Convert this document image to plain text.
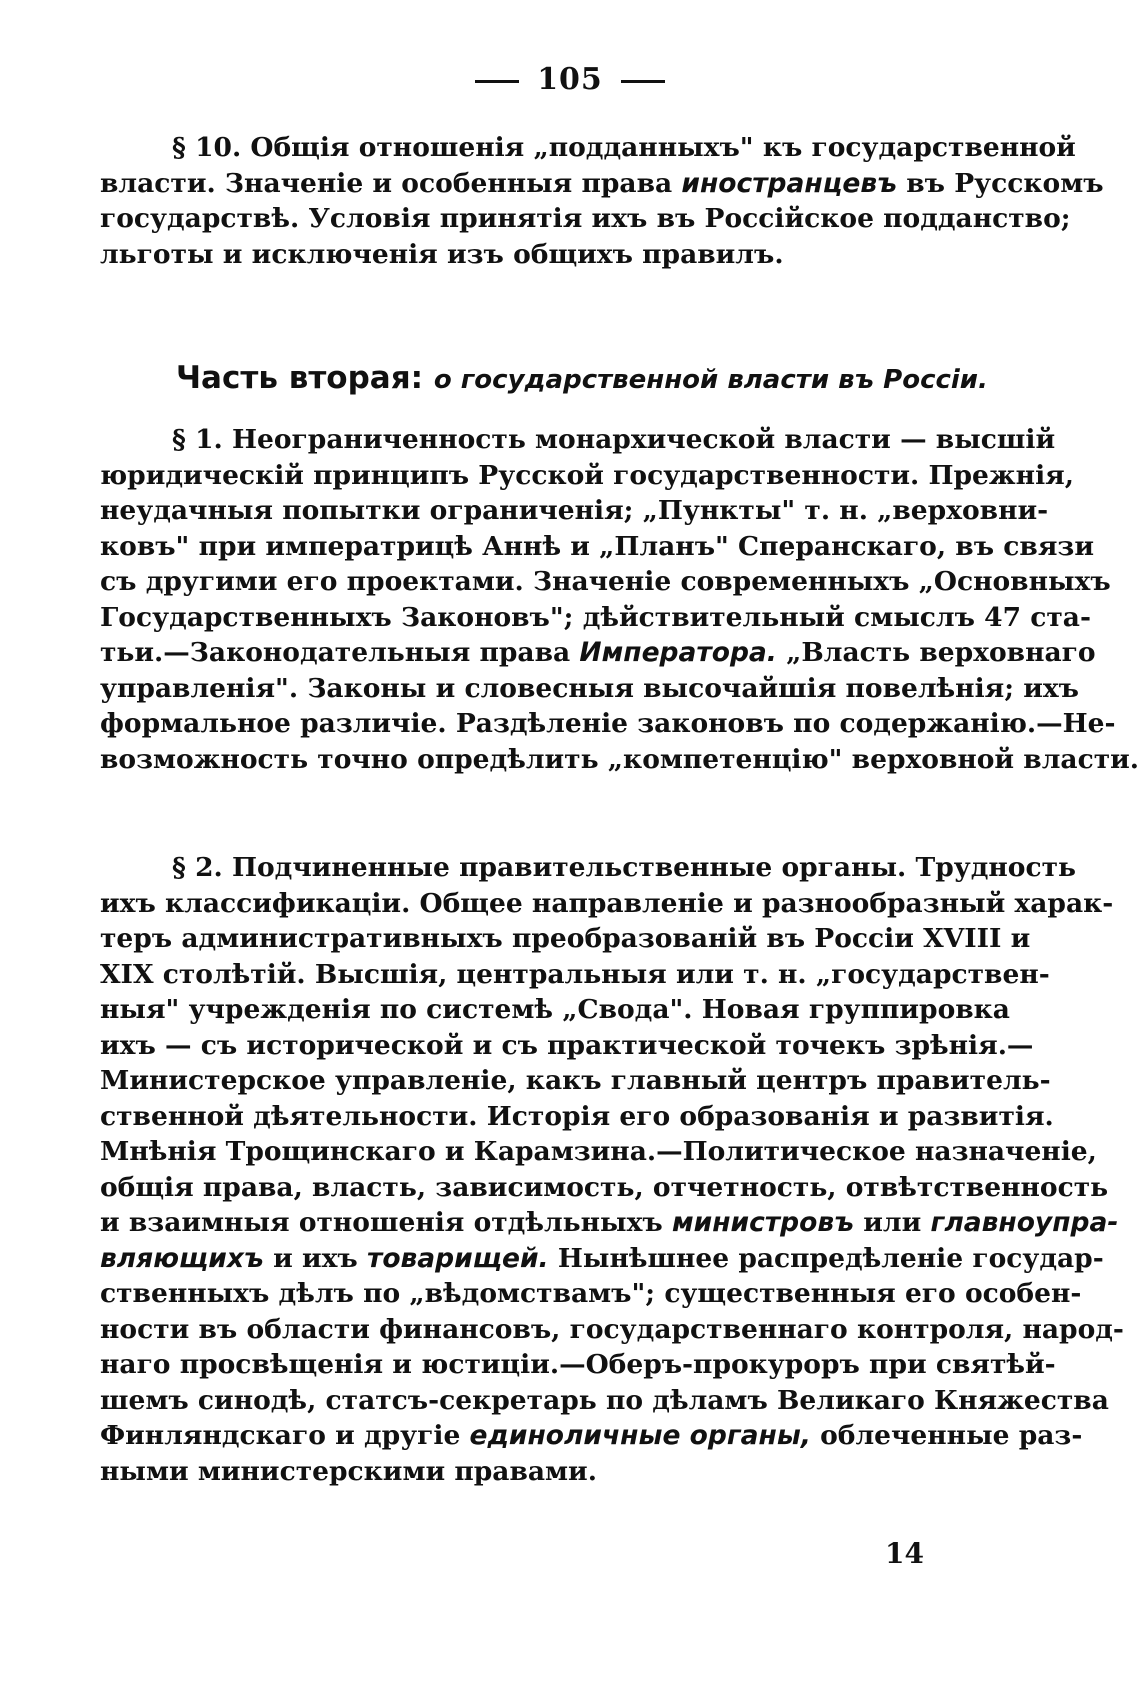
105
§ 10. Общія отношенія „подданныхъ" къ государственной
власти. Значеніе и особенныя права иностранцевъ въ Русскомъ
государствѣ. Условія принятія ихъ въ Россійское подданство;
льготы и исключенія изъ общихъ правилъ.
Часть вторая: о государственной власти въ Россіи.
§ 1. Неограниченность монархической власти — высшій
юридическій принципъ Русской государственности. Прежнія,
неудачныя попытки ограниченія; „Пункты" т. н. „верховни-
ковъ" при императрицѣ Аннѣ и „Планъ" Сперанскаго, въ связи
съ другими его проектами. Значеніе современныхъ „Основныхъ
Государственныхъ Законовъ"; дѣйствительный смыслъ 47 ста-
тьи.—Законодательныя права Императора. „Власть верховнаго
управленія". Законы и словесныя высочайшія повелѣнія; ихъ
формальное различіе. Раздѣленіе законовъ по содержанію.—Не-
возможность точно опредѣлить „компетенцію" верховной власти.
§ 2. Подчиненные правительственные органы. Трудность
ихъ классификаціи. Общее направленіе и разнообразный харак-
теръ административныхъ преобразованій въ Россіи XVIII и
XIX столѣтій. Высшія, центральныя или т. н. „государствен-
ныя" учрежденія по системѣ „Свода". Новая группировка
ихъ — съ исторической и съ практической точекъ зрѣнія.—
Министерское управленіе, какъ главный центръ правитель-
ственной дѣятельности. Исторія его образованія и развитія.
Мнѣнія Трощинскаго и Карамзина.—Политическое назначеніе,
общія права, власть, зависимость, отчетность, отвѣтственность
и взаимныя отношенія отдѣльныхъ министровъ или главноупра-
вляющихъ и ихъ товарищей. Нынѣшнее распредѣленіе государ-
ственныхъ дѣлъ по „вѣдомствамъ"; существенныя его особен-
ности въ области финансовъ, государственнаго контроля, народ-
наго просвѣщенія и юстиціи.—Оберъ-прокуроръ при святѣй-
шемъ синодѣ, статсъ-секретарь по дѣламъ Великаго Княжества
Финляндскаго и другіе единоличные органы, облеченные раз-
ными министерскими правами.
14
